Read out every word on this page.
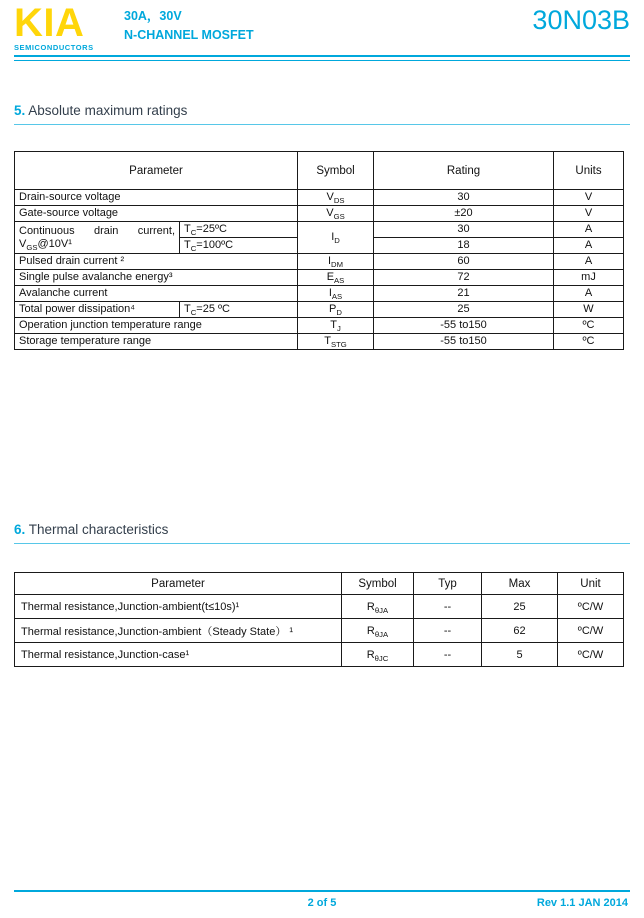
KIA
SEMICONDUCTORS
30A，30V
N-CHANNEL MOSFET	30N03B
5. Absolute maximum ratings
Parameter		Symbol	Rating	Units
Drain-source voltage		$V_{DS}$	30	V
Gate-source voltage		$V_{GS}$	±20	V
Continuous drain current, $V_{GS}@10V^1$	$T_C=25ºC$	$I_D$	30	A
	$T_C=100ºC$		18	A
Pulsed drain current ²		$I_{DM}$	60	A
Single pulse avalanche energy³		$E_{AS}$	72	mJ
Avalanche current		$I_{AS}$	21	A
Total power dissipation⁴	$T_C=25$ ºC	$P_D$	25	W
Operation junction temperature range		$T_J$	-55 to150	ºC
Storage temperature range		$T_{STG}$	-55 to150	ºC
6. Thermal characteristics
Parameter	Symbol	Typ	Max	Unit
Thermal resistance,Junction-ambient(t≤10s)¹	$R_{\theta JA}$	--	25	ºC/W
Thermal resistance,Junction-ambient（Steady State） ¹	$R_{\theta JA}$	--	62	ºC/W
Thermal resistance,Junction-case¹	$R_{\theta JC}$	--	5	ºC/W
2 of 5	Rev 1.1 JAN 2014
